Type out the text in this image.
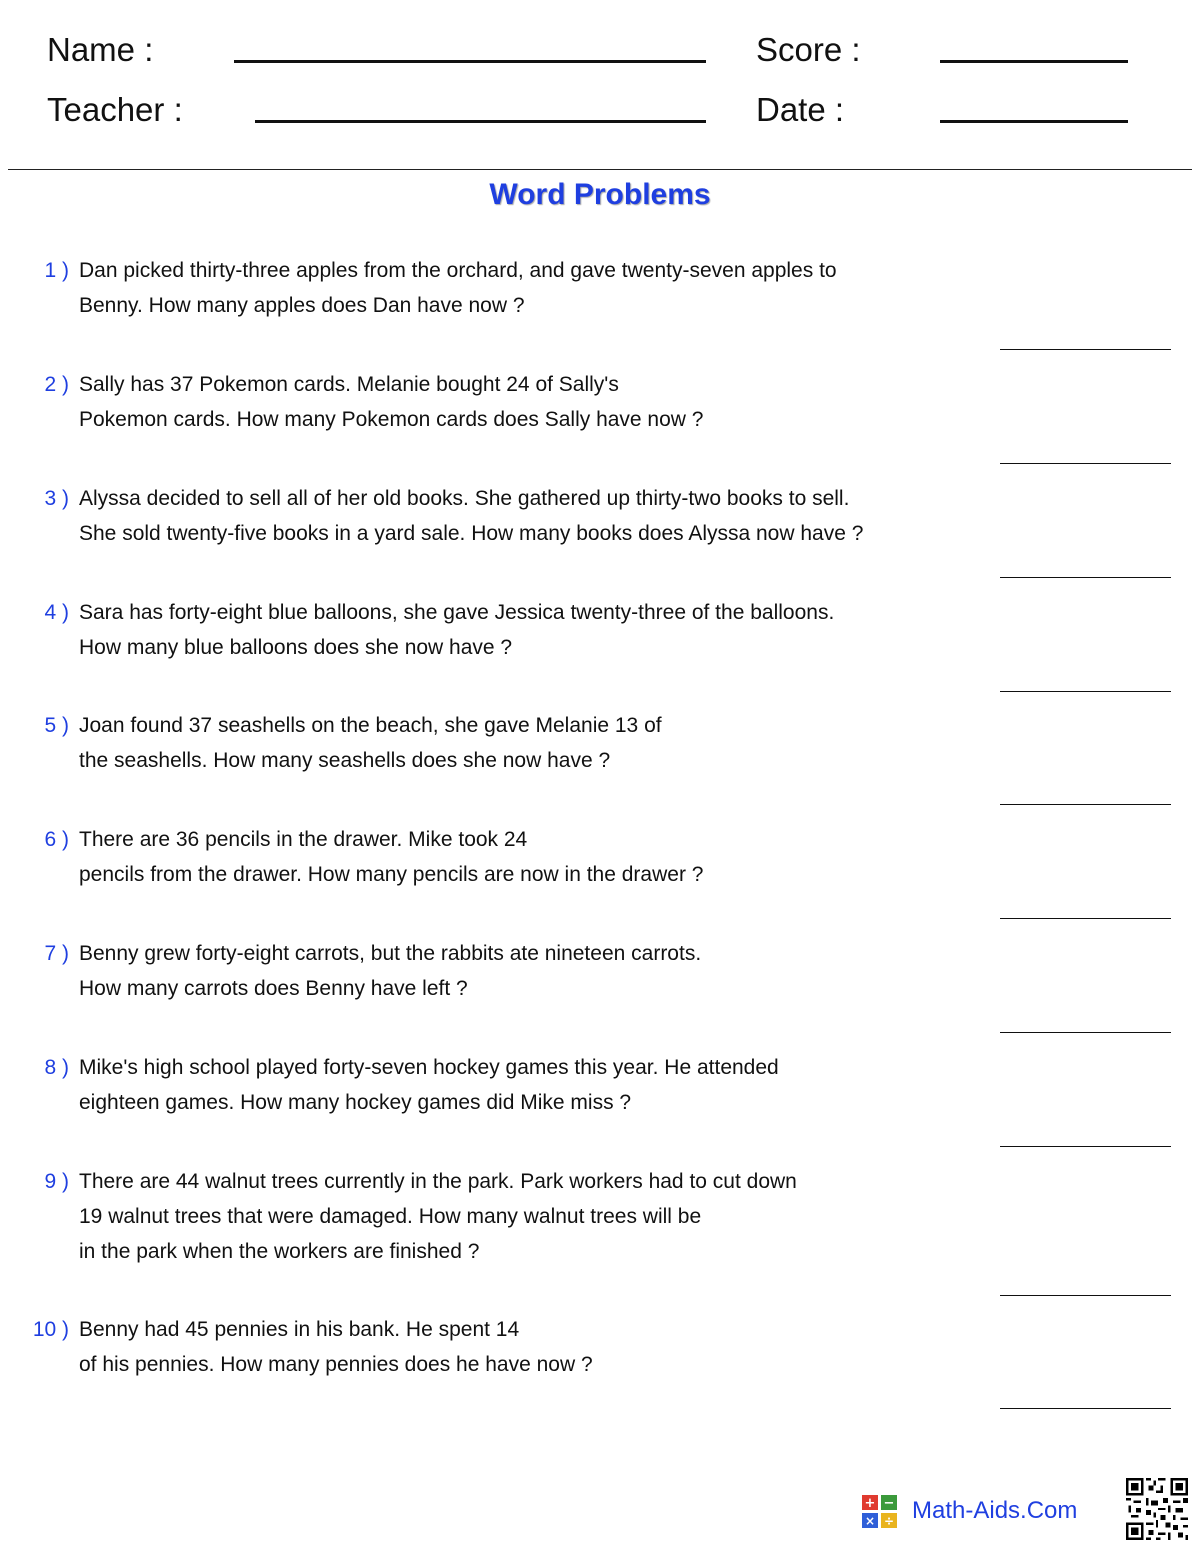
Name :	Score :
Teacher :	Date :
Word Problems
1 ) Dan picked thirty-three apples from the orchard, and gave twenty-seven apples to
Benny. How many apples does Dan have now ?
2 ) Sally has 37 Pokemon cards. Melanie bought 24 of Sally's
Pokemon cards. How many Pokemon cards does Sally have now ?
3 ) Alyssa decided to sell all of her old books. She gathered up thirty-two books to sell.
She sold twenty-five books in a yard sale. How many books does Alyssa now have ?
4 ) Sara has forty-eight blue balloons, she gave Jessica twenty-three of the balloons.
How many blue balloons does she now have ?
5 ) Joan found 37 seashells on the beach, she gave Melanie 13 of
the seashells. How many seashells does she now have ?
6 ) There are 36 pencils in the drawer. Mike took 24
pencils from the drawer. How many pencils are now in the drawer ?
7 ) Benny grew forty-eight carrots, but the rabbits ate nineteen carrots.
How many carrots does Benny have left ?
8 ) Mike's high school played forty-seven hockey games this year. He attended
eighteen games. How many hockey games did Mike miss ?
9 ) There are 44 walnut trees currently in the park. Park workers had to cut down
19 walnut trees that were damaged. How many walnut trees will be
in the park when the workers are finished ?
10 ) Benny had 45 pennies in his bank. He spent 14
of his pennies. How many pennies does he have now ?
+ −
× ÷ Math-Aids.Com
